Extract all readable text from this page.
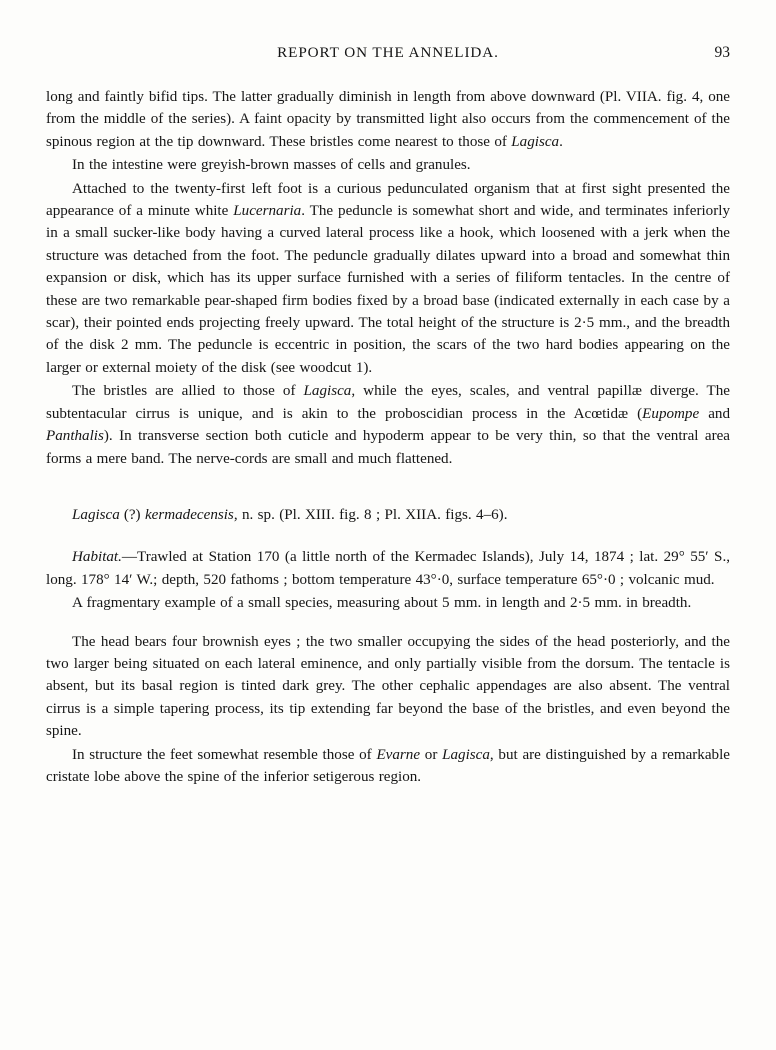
REPORT ON THE ANNELIDA.	93

long and faintly bifid tips. The latter gradually diminish in length from above downward (Pl. VIIA. fig. 4, one from the middle of the series). A faint opacity by transmitted light also occurs from the commencement of the spinous region at the tip downward. These bristles come nearest to those of Lagisca.

In the intestine were greyish-brown masses of cells and granules.

Attached to the twenty-first left foot is a curious pedunculated organism that at first sight presented the appearance of a minute white Lucernaria. The peduncle is somewhat short and wide, and terminates inferiorly in a small sucker-like body having a curved lateral process like a hook, which loosened with a jerk when the structure was detached from the foot. The peduncle gradually dilates upward into a broad and somewhat thin expansion or disk, which has its upper surface furnished with a series of filiform tentacles. In the centre of these are two remarkable pear-shaped firm bodies fixed by a broad base (indicated externally in each case by a scar), their pointed ends projecting freely upward. The total height of the structure is 2·5 mm., and the breadth of the disk 2 mm. The peduncle is eccentric in position, the scars of the two hard bodies appearing on the larger or external moiety of the disk (see woodcut 1).

The bristles are allied to those of Lagisca, while the eyes, scales, and ventral papillæ diverge. The subtentacular cirrus is unique, and is akin to the proboscidian process in the Acœtidæ (Eupompe and Panthalis). In transverse section both cuticle and hypoderm appear to be very thin, so that the ventral area forms a mere band. The nerve-cords are small and much flattened.

Lagisca (?) kermadecensis, n. sp. (Pl. XIII. fig. 8 ; Pl. XIIA. figs. 4–6).

Habitat.—Trawled at Station 170 (a little north of the Kermadec Islands), July 14, 1874 ; lat. 29° 55′ S., long. 178° 14′ W.; depth, 520 fathoms ; bottom temperature 43°·0, surface temperature 65°·0 ; volcanic mud.

A fragmentary example of a small species, measuring about 5 mm. in length and 2·5 mm. in breadth.

The head bears four brownish eyes ; the two smaller occupying the sides of the head posteriorly, and the two larger being situated on each lateral eminence, and only partially visible from the dorsum. The tentacle is absent, but its basal region is tinted dark grey. The other cephalic appendages are also absent. The ventral cirrus is a simple tapering process, its tip extending far beyond the base of the bristles, and even beyond the spine.

In structure the feet somewhat resemble those of Evarne or Lagisca, but are distinguished by a remarkable cristate lobe above the spine of the inferior setigerous region.
